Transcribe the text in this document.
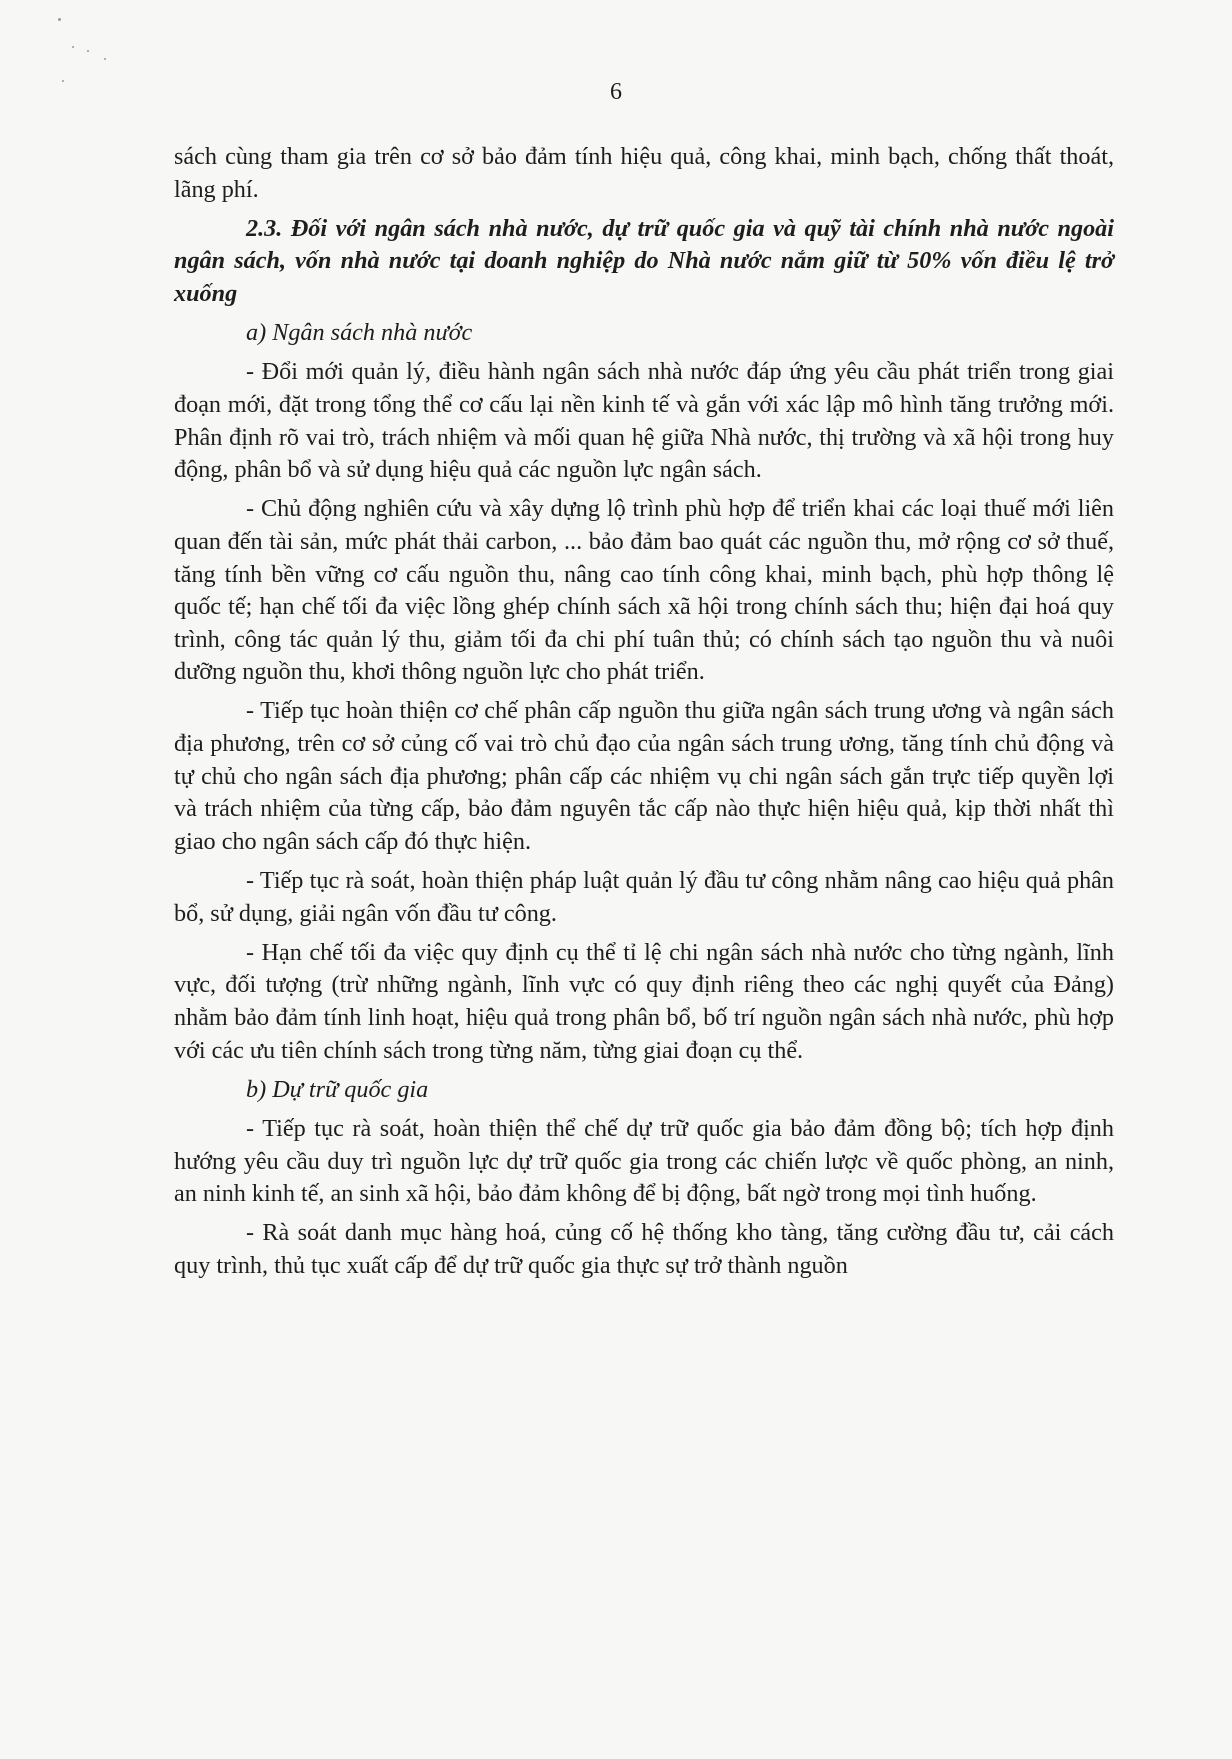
6

sách cùng tham gia trên cơ sở bảo đảm tính hiệu quả, công khai, minh bạch, chống thất thoát, lãng phí.

2.3. Đối với ngân sách nhà nước, dự trữ quốc gia và quỹ tài chính nhà nước ngoài ngân sách, vốn nhà nước tại doanh nghiệp do Nhà nước nắm giữ từ 50% vốn điều lệ trở xuống

a) Ngân sách nhà nước

- Đổi mới quản lý, điều hành ngân sách nhà nước đáp ứng yêu cầu phát triển trong giai đoạn mới, đặt trong tổng thể cơ cấu lại nền kinh tế và gắn với xác lập mô hình tăng trưởng mới. Phân định rõ vai trò, trách nhiệm và mối quan hệ giữa Nhà nước, thị trường và xã hội trong huy động, phân bổ và sử dụng hiệu quả các nguồn lực ngân sách.

- Chủ động nghiên cứu và xây dựng lộ trình phù hợp để triển khai các loại thuế mới liên quan đến tài sản, mức phát thải carbon, ... bảo đảm bao quát các nguồn thu, mở rộng cơ sở thuế, tăng tính bền vững cơ cấu nguồn thu, nâng cao tính công khai, minh bạch, phù hợp thông lệ quốc tế; hạn chế tối đa việc lồng ghép chính sách xã hội trong chính sách thu; hiện đại hoá quy trình, công tác quản lý thu, giảm tối đa chi phí tuân thủ; có chính sách tạo nguồn thu và nuôi dưỡng nguồn thu, khơi thông nguồn lực cho phát triển.

- Tiếp tục hoàn thiện cơ chế phân cấp nguồn thu giữa ngân sách trung ương và ngân sách địa phương, trên cơ sở củng cố vai trò chủ đạo của ngân sách trung ương, tăng tính chủ động và tự chủ cho ngân sách địa phương; phân cấp các nhiệm vụ chi ngân sách gắn trực tiếp quyền lợi và trách nhiệm của từng cấp, bảo đảm nguyên tắc cấp nào thực hiện hiệu quả, kịp thời nhất thì giao cho ngân sách cấp đó thực hiện.

- Tiếp tục rà soát, hoàn thiện pháp luật quản lý đầu tư công nhằm nâng cao hiệu quả phân bổ, sử dụng, giải ngân vốn đầu tư công.

- Hạn chế tối đa việc quy định cụ thể tỉ lệ chi ngân sách nhà nước cho từng ngành, lĩnh vực, đối tượng (trừ những ngành, lĩnh vực có quy định riêng theo các nghị quyết của Đảng) nhằm bảo đảm tính linh hoạt, hiệu quả trong phân bổ, bố trí nguồn ngân sách nhà nước, phù hợp với các ưu tiên chính sách trong từng năm, từng giai đoạn cụ thể.

b) Dự trữ quốc gia

- Tiếp tục rà soát, hoàn thiện thể chế dự trữ quốc gia bảo đảm đồng bộ; tích hợp định hướng yêu cầu duy trì nguồn lực dự trữ quốc gia trong các chiến lược về quốc phòng, an ninh, an ninh kinh tế, an sinh xã hội, bảo đảm không để bị động, bất ngờ trong mọi tình huống.

- Rà soát danh mục hàng hoá, củng cố hệ thống kho tàng, tăng cường đầu tư, cải cách quy trình, thủ tục xuất cấp để dự trữ quốc gia thực sự trở thành nguồn
